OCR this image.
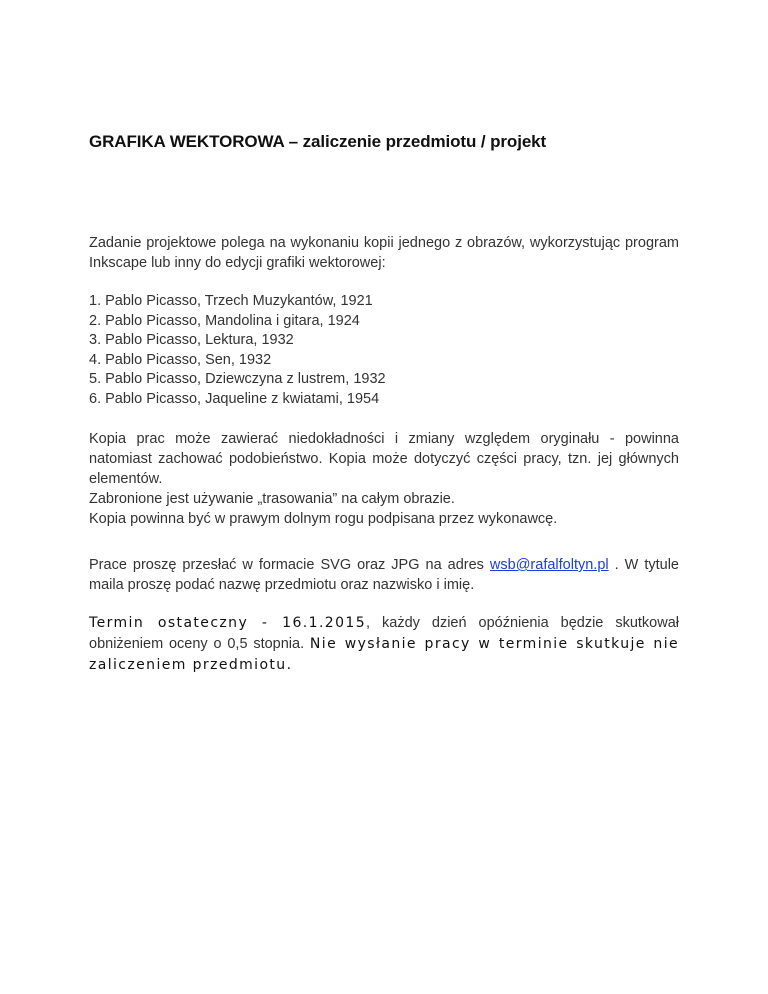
GRAFIKA WEKTOROWA – zaliczenie przedmiotu / projekt

Zadanie projektowe polega na wykonaniu kopii jednego z obrazów, wykorzystując program Inkscape lub inny do edycji grafiki wektorowej:

1. Pablo Picasso, Trzech Muzykantów, 1921
2. Pablo Picasso, Mandolina i gitara, 1924
3. Pablo Picasso, Lektura, 1932
4. Pablo Picasso, Sen, 1932
5. Pablo Picasso, Dziewczyna z lustrem, 1932
6. Pablo Picasso, Jaqueline z kwiatami, 1954
Kopia prac może zawierać niedokładności i zmiany względem oryginału - powinna natomiast zachować podobieństwo. Kopia może dotyczyć części pracy, tzn. jej głównych elementów.
Zabronione jest używanie „trasowania” na całym obrazie.
Kopia powinna być w prawym dolnym rogu podpisana przez wykonawcę.

Prace proszę przesłać w formacie SVG oraz JPG na adres wsb@rafalfoltyn.pl . W tytule maila proszę podać nazwę przedmiotu oraz nazwisko i imię.

Termin ostateczny - 16.1.2015, każdy dzień opóźnienia będzie skutkował obniżeniem oceny o 0,5 stopnia. Nie wysłanie pracy w terminie skutkuje nie zaliczeniem przedmiotu.
